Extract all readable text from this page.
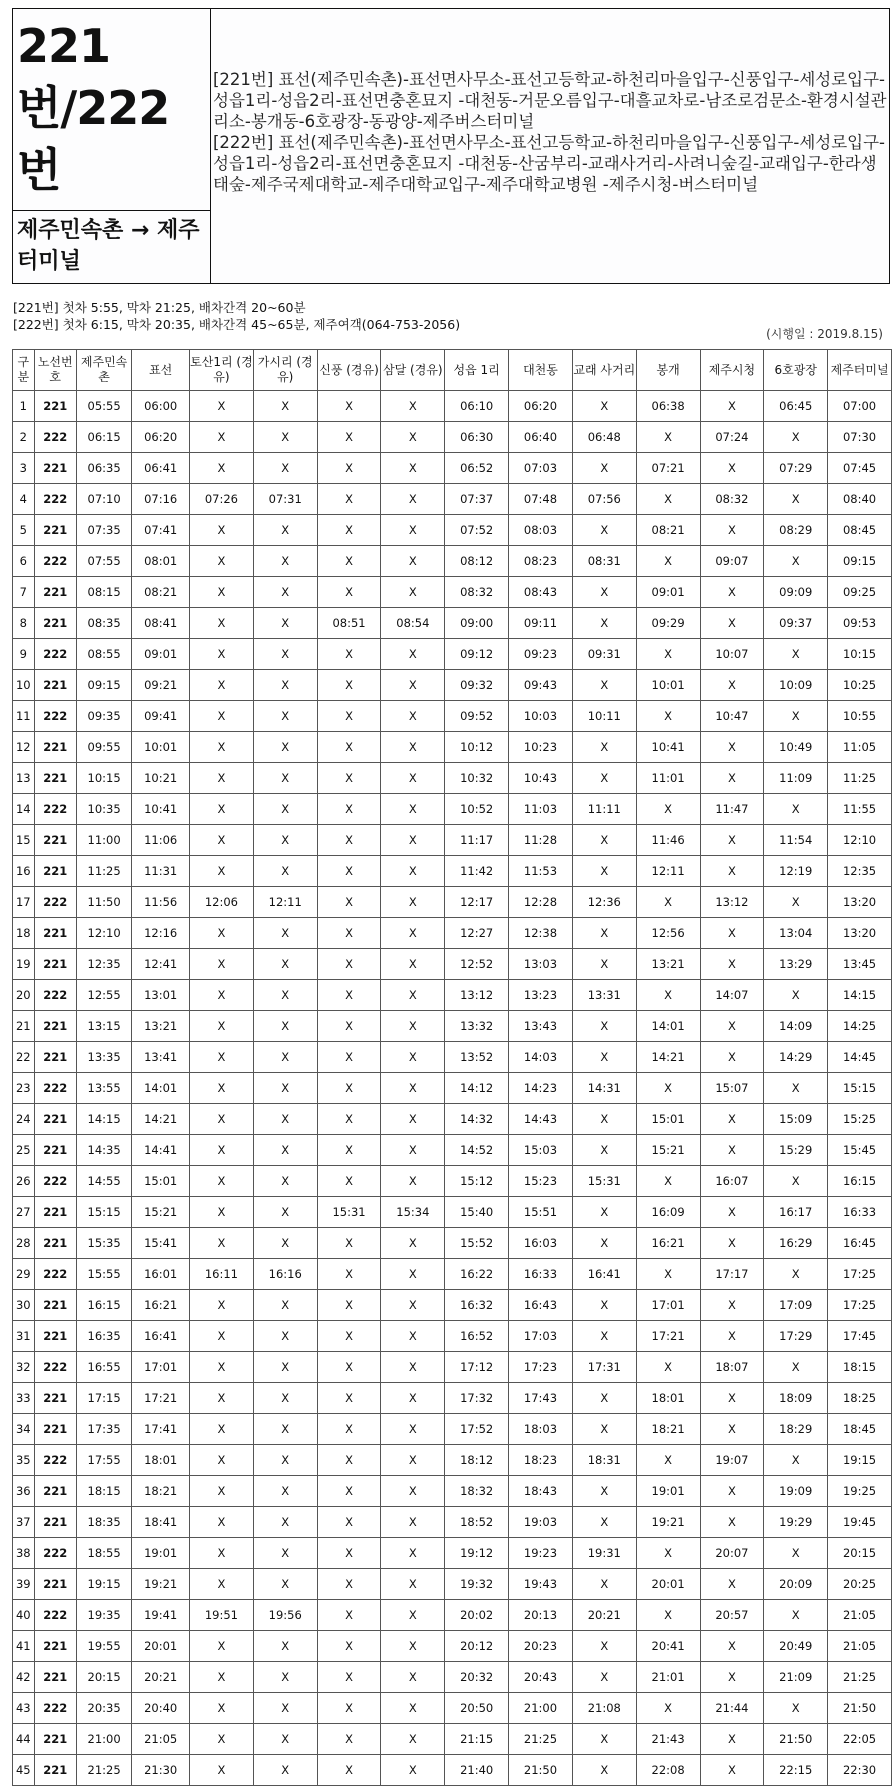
221번/222번
제주민속촌 → 제주터미널
[221번] 표선(제주민속촌)-표선면사무소-표선고등학교-하천리마을입구-신풍입구-세성로입구-성읍1리-성읍2리-표선면충혼묘지 -대천동-거문오름입구-대흘교차로-남조로검문소-환경시설관리소-봉개동-6호광장-동광양-제주버스터미널
[222번] 표선(제주민속촌)-표선면사무소-표선고등학교-하천리마을입구-신풍입구-세성로입구-성읍1리-성읍2리-표선면충혼묘지 -대천동-산굼부리-교래사거리-사려니숲길-교래입구-한라생태숲-제주국제대학교-제주대학교입구-제주대학교병원 -제주시청-버스터미널
[221번] 첫차 5:55, 막차 21:25, 배차간격 20~60분
[222번] 첫차 6:15, 막차 20:35, 배차간격 45~65분, 제주여객(064-753-2056)
(시행일 : 2019.8.15)
구분	노선번호	제주민속촌	표선	토산1리 (경유)	가시리 (경유)	신풍 (경유)	삼달 (경유)	성읍 1리	대천동	교래 사거리	봉개	제주시청	6호광장	제주터미널
1	221	05:55	06:00	X	X	X	X	06:10	06:20	X	06:38	X	06:45	07:00
2	222	06:15	06:20	X	X	X	X	06:30	06:40	06:48	X	07:24	X	07:30
3	221	06:35	06:41	X	X	X	X	06:52	07:03	X	07:21	X	07:29	07:45
4	222	07:10	07:16	07:26	07:31	X	X	07:37	07:48	07:56	X	08:32	X	08:40
5	221	07:35	07:41	X	X	X	X	07:52	08:03	X	08:21	X	08:29	08:45
6	222	07:55	08:01	X	X	X	X	08:12	08:23	08:31	X	09:07	X	09:15
7	221	08:15	08:21	X	X	X	X	08:32	08:43	X	09:01	X	09:09	09:25
8	221	08:35	08:41	X	X	08:51	08:54	09:00	09:11	X	09:29	X	09:37	09:53
9	222	08:55	09:01	X	X	X	X	09:12	09:23	09:31	X	10:07	X	10:15
10	221	09:15	09:21	X	X	X	X	09:32	09:43	X	10:01	X	10:09	10:25
11	222	09:35	09:41	X	X	X	X	09:52	10:03	10:11	X	10:47	X	10:55
12	221	09:55	10:01	X	X	X	X	10:12	10:23	X	10:41	X	10:49	11:05
13	221	10:15	10:21	X	X	X	X	10:32	10:43	X	11:01	X	11:09	11:25
14	222	10:35	10:41	X	X	X	X	10:52	11:03	11:11	X	11:47	X	11:55
15	221	11:00	11:06	X	X	X	X	11:17	11:28	X	11:46	X	11:54	12:10
16	221	11:25	11:31	X	X	X	X	11:42	11:53	X	12:11	X	12:19	12:35
17	222	11:50	11:56	12:06	12:11	X	X	12:17	12:28	12:36	X	13:12	X	13:20
18	221	12:10	12:16	X	X	X	X	12:27	12:38	X	12:56	X	13:04	13:20
19	221	12:35	12:41	X	X	X	X	12:52	13:03	X	13:21	X	13:29	13:45
20	222	12:55	13:01	X	X	X	X	13:12	13:23	13:31	X	14:07	X	14:15
21	221	13:15	13:21	X	X	X	X	13:32	13:43	X	14:01	X	14:09	14:25
22	221	13:35	13:41	X	X	X	X	13:52	14:03	X	14:21	X	14:29	14:45
23	222	13:55	14:01	X	X	X	X	14:12	14:23	14:31	X	15:07	X	15:15
24	221	14:15	14:21	X	X	X	X	14:32	14:43	X	15:01	X	15:09	15:25
25	221	14:35	14:41	X	X	X	X	14:52	15:03	X	15:21	X	15:29	15:45
26	222	14:55	15:01	X	X	X	X	15:12	15:23	15:31	X	16:07	X	16:15
27	221	15:15	15:21	X	X	15:31	15:34	15:40	15:51	X	16:09	X	16:17	16:33
28	221	15:35	15:41	X	X	X	X	15:52	16:03	X	16:21	X	16:29	16:45
29	222	15:55	16:01	16:11	16:16	X	X	16:22	16:33	16:41	X	17:17	X	17:25
30	221	16:15	16:21	X	X	X	X	16:32	16:43	X	17:01	X	17:09	17:25
31	221	16:35	16:41	X	X	X	X	16:52	17:03	X	17:21	X	17:29	17:45
32	222	16:55	17:01	X	X	X	X	17:12	17:23	17:31	X	18:07	X	18:15
33	221	17:15	17:21	X	X	X	X	17:32	17:43	X	18:01	X	18:09	18:25
34	221	17:35	17:41	X	X	X	X	17:52	18:03	X	18:21	X	18:29	18:45
35	222	17:55	18:01	X	X	X	X	18:12	18:23	18:31	X	19:07	X	19:15
36	221	18:15	18:21	X	X	X	X	18:32	18:43	X	19:01	X	19:09	19:25
37	221	18:35	18:41	X	X	X	X	18:52	19:03	X	19:21	X	19:29	19:45
38	222	18:55	19:01	X	X	X	X	19:12	19:23	19:31	X	20:07	X	20:15
39	221	19:15	19:21	X	X	X	X	19:32	19:43	X	20:01	X	20:09	20:25
40	222	19:35	19:41	19:51	19:56	X	X	20:02	20:13	20:21	X	20:57	X	21:05
41	221	19:55	20:01	X	X	X	X	20:12	20:23	X	20:41	X	20:49	21:05
42	221	20:15	20:21	X	X	X	X	20:32	20:43	X	21:01	X	21:09	21:25
43	222	20:35	20:40	X	X	X	X	20:50	21:00	21:08	X	21:44	X	21:50
44	221	21:00	21:05	X	X	X	X	21:15	21:25	X	21:43	X	21:50	22:05
45	221	21:25	21:30	X	X	X	X	21:40	21:50	X	22:08	X	22:15	22:30
